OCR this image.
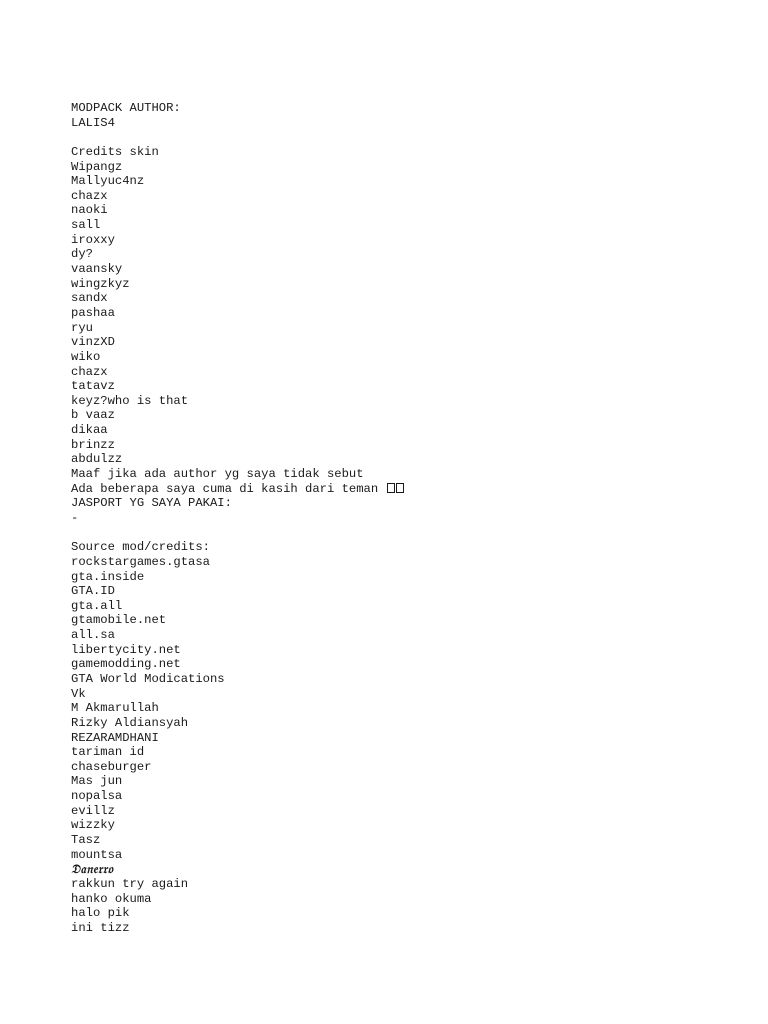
MODPACK AUTHOR:
LALIS4
Credits skin
Wipangz
Mallyuc4nz
chazx
naoki
sall
iroxxy
dy?
vaansky
wingzkyz
sandx
pashaa
ryu
vinzXD
wiko
chazx
tatavz
keyz?who is that
b vaaz
dikaa
brinzz
abdulzz
Maaf jika ada author yg saya tidak sebut
Ada beberapa saya cuma di kasih dari teman
JASPORT YG SAYA PAKAI:
-
Source mod/credits:
rockstargames.gtasa
gta.inside
GTA.ID
gta.all
gtamobile.net
all.sa
libertycity.net
gamemodding.net
GTA World Modications
Vk
M Akmarullah
Rizky Aldiansyah
REZARAMDHANI
tariman id
chaseburger
Mas jun
nopalsa
evillz
wizzky
Tasz
mountsa
𝔇𝔞𝔫𝔢𝔯𝔯𝔬
rakkun try again
hanko okuma
halo pik
ini tizz
